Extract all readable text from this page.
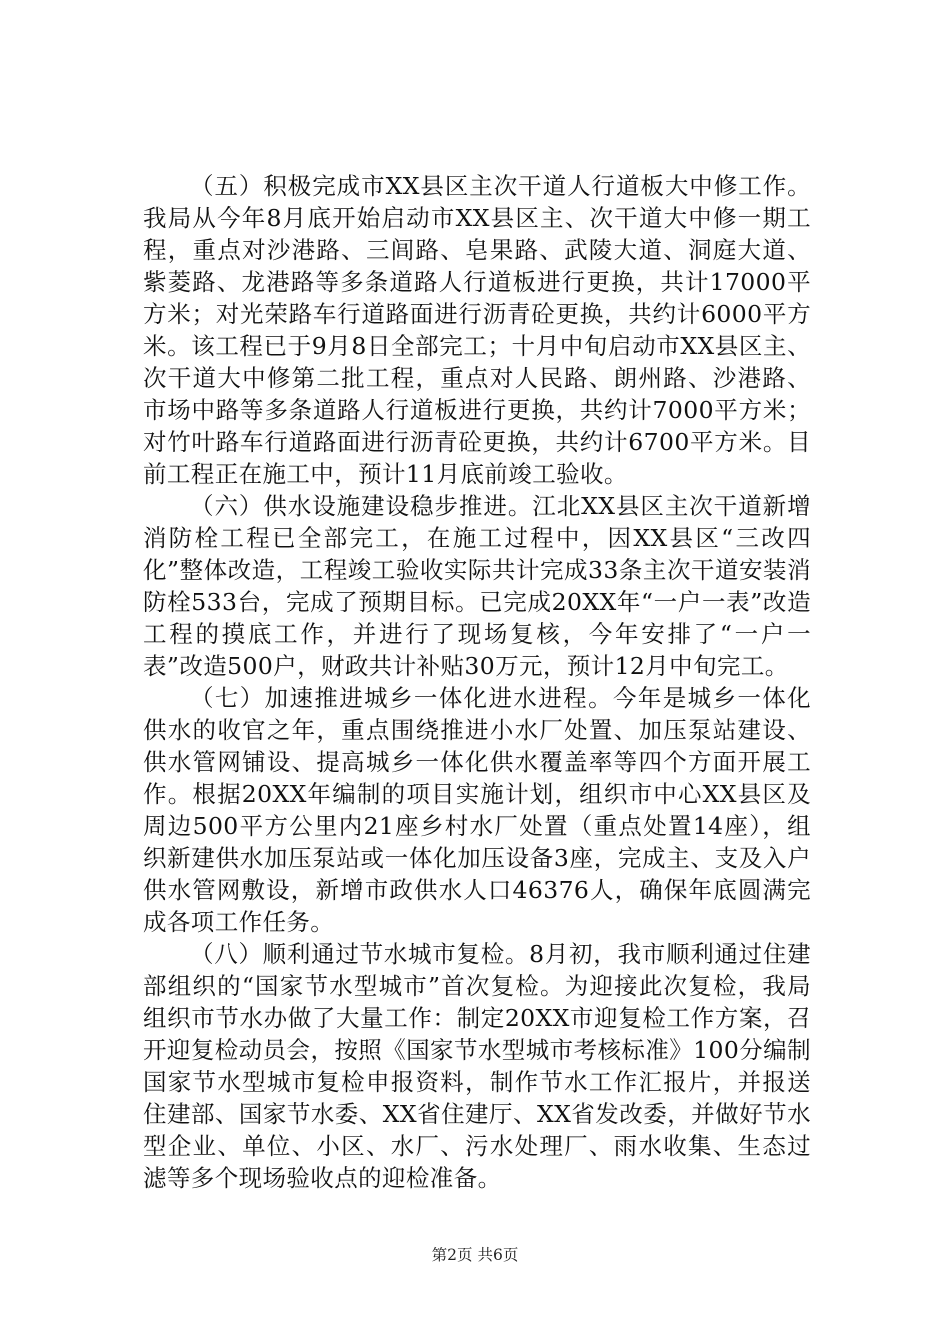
（五）积极完成市XX县区主次干道人行道板大中修工作。我局从今年8月底开始启动市XX县区主、次干道大中修一期工程，重点对沙港路、三闾路、皂果路、武陵大道、洞庭大道、紫菱路、龙港路等多条道路人行道板进行更换，共计17000平方米；对光荣路车行道路面进行沥青砼更换，共约计6000平方米。该工程已于9月8日全部完工；十月中旬启动市XX县区主、次干道大中修第二批工程，重点对人民路、朗州路、沙港路、市场中路等多条道路人行道板进行更换，共约计7000平方米；对竹叶路车行道路面进行沥青砼更换，共约计6700平方米。目前工程正在施工中，预计11月底前竣工验收。

（六）供水设施建设稳步推进。江北XX县区主次干道新增消防栓工程已全部完工，在施工过程中，因XX县区“三改四化”整体改造，工程竣工验收实际共计完成33条主次干道安装消防栓533台，完成了预期目标。已完成20XX年“一户一表”改造工程的摸底工作，并进行了现场复核，今年安排了“一户一表”改造500户，财政共计补贴30万元，预计12月中旬完工。

（七）加速推进城乡一体化进水进程。今年是城乡一体化供水的收官之年，重点围绕推进小水厂处置、加压泵站建设、供水管网铺设、提高城乡一体化供水覆盖率等四个方面开展工作。根据20XX年编制的项目实施计划，组织市中心XX县区及周边500平方公里内21座乡村水厂处置（重点处置14座），组织新建供水加压泵站或一体化加压设备3座，完成主、支及入户供水管网敷设，新增市政供水人口46376人，确保年底圆满完成各项工作任务。

（八）顺利通过节水城市复检。8月初，我市顺利通过住建部组织的“国家节水型城市”首次复检。为迎接此次复检，我局组织市节水办做了大量工作：制定20XX市迎复检工作方案，召开迎复检动员会，按照《国家节水型城市考核标准》100分编制国家节水型城市复检申报资料，制作节水工作汇报片，并报送住建部、国家节水委、XX省住建厅、XX省发改委，并做好节水型企业、单位、小区、水厂、污水处理厂、雨水收集、生态过滤等多个现场验收点的迎检准备。

第2页 共6页
